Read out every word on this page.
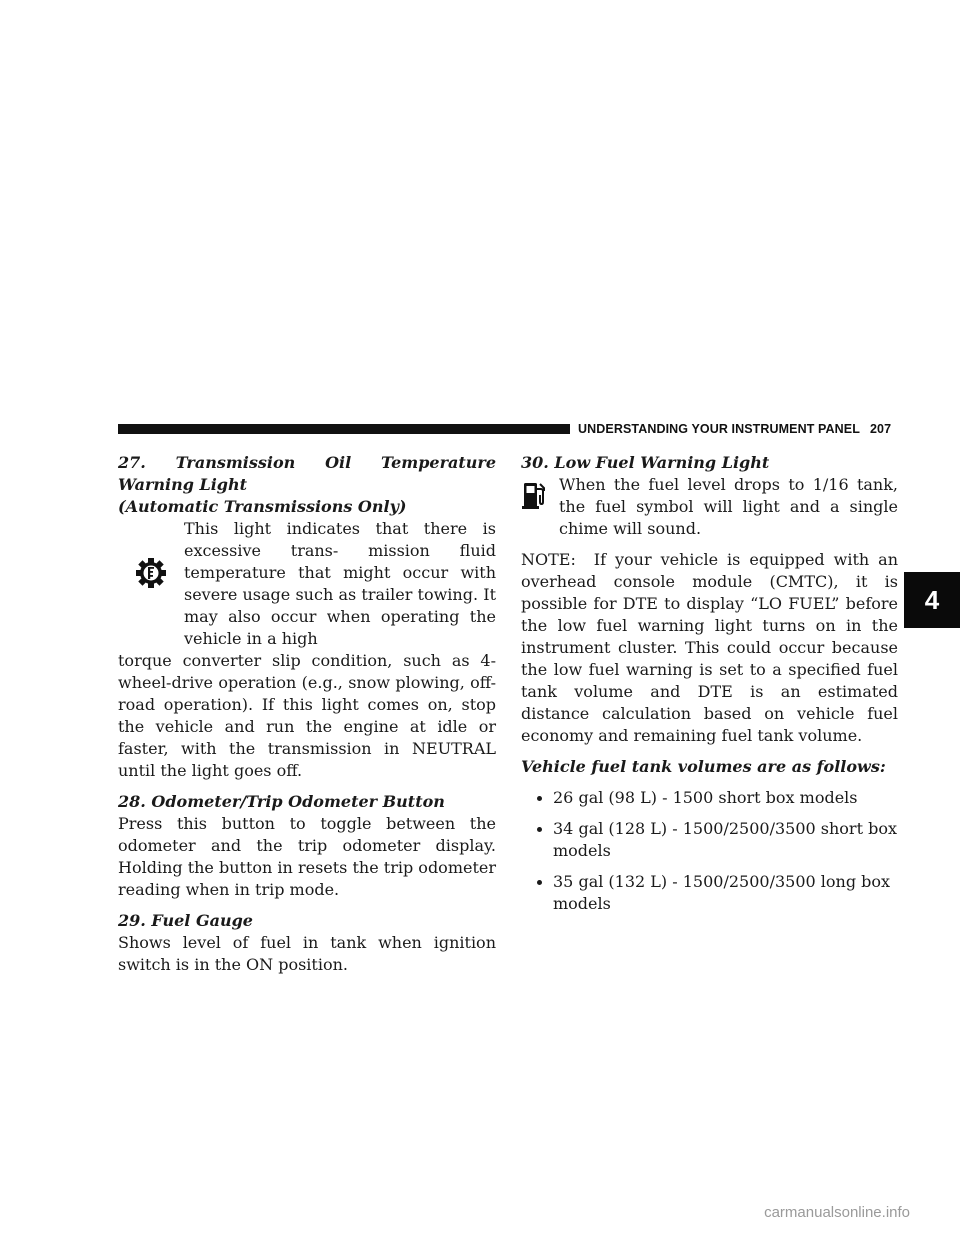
UNDERSTANDING YOUR INSTRUMENT PANEL 207

27. Transmission Oil Temperature Warning Light
(Automatic Transmissions Only)

This light indicates that there is excessive trans- mission fluid temperature that might occur with severe usage such as trailer towing. It may also occur when operating the vehicle in a high

torque converter slip condition, such as 4-wheel-drive operation (e.g., snow plowing, off- road operation). If this light comes on, stop the vehicle and run the engine at idle or faster, with the transmission in NEUTRAL until the light goes off.

28. Odometer/Trip Odometer Button

Press this button to toggle between the odometer and the trip odometer display. Holding the button in resets the trip odometer reading when in trip mode.

29. Fuel Gauge

Shows level of fuel in tank when ignition switch is in the ON position.

30. Low Fuel Warning Light

When the fuel level drops to 1/16 tank, the fuel symbol will light and a single chime will sound.

NOTE: If your vehicle is equipped with an overhead console module (CMTC), it is possible for DTE to display “LO FUEL” before the low fuel warning light turns on in the instrument cluster. This could occur because the low fuel warning is set to a specified fuel tank volume and DTE is an estimated distance calculation based on vehicle fuel economy and remaining fuel tank volume.

Vehicle fuel tank volumes are as follows:

26 gal (98 L) - 1500 short box models
34 gal (128 L) - 1500/2500/3500 short box models
35 gal (132 L) - 1500/2500/3500 long box models
4
carmanualsonline.info
